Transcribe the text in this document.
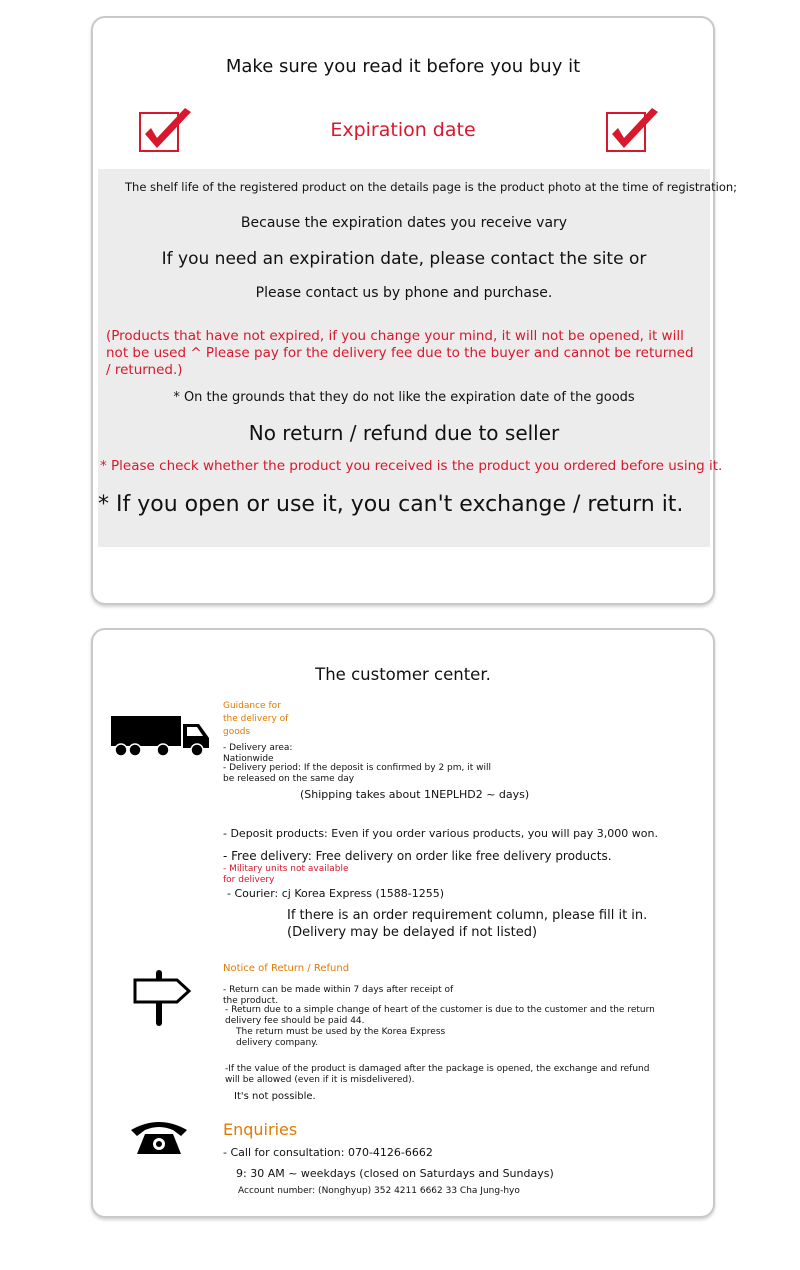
Make sure you read it before you buy it
Expiration date
The shelf life of the registered product on the details page is the product photo at the time of registration;
Because the expiration dates you receive vary
If you need an expiration date, please contact the site or
Please contact us by phone and purchase.
(Products that have not expired, if you change your mind, it will not be opened, it will not be used ^ Please pay for the delivery fee due to the buyer and cannot be returned / returned.)
* On the grounds that they do not like the expiration date of the goods
No return / refund due to seller
* Please check whether the product you received is the product you ordered before using it.
* If you open or use it, you can't exchange / return it.
The customer center.
Guidance for the delivery of goods
- Delivery area: Nationwide
- Delivery period: If the deposit is confirmed by 2 pm, it will be released on the same day
(Shipping takes about 1NEPLHD2 ~ days)
- Deposit products: Even if you order various products, you will pay 3,000 won.
- Free delivery: Free delivery on order like free delivery products.
- Military units not available for delivery
- Courier: cj Korea Express (1588-1255)
If there is an order requirement column, please fill it in.
(Delivery may be delayed if not listed)
Notice of Return / Refund
- Return can be made within 7 days after receipt of the product.
- Return due to a simple change of heart of the customer is due to the customer and the return delivery fee should be paid 44.
The return must be used by the Korea Express delivery company.
-If the value of the product is damaged after the package is opened, the exchange and refund will be allowed (even if it is misdelivered).
It's not possible.
Enquiries
- Call for consultation: 070-4126-6662
9: 30 AM ~ weekdays (closed on Saturdays and Sundays)
Account number: (Nonghyup) 352 4211 6662 33 Cha Jung-hyo
